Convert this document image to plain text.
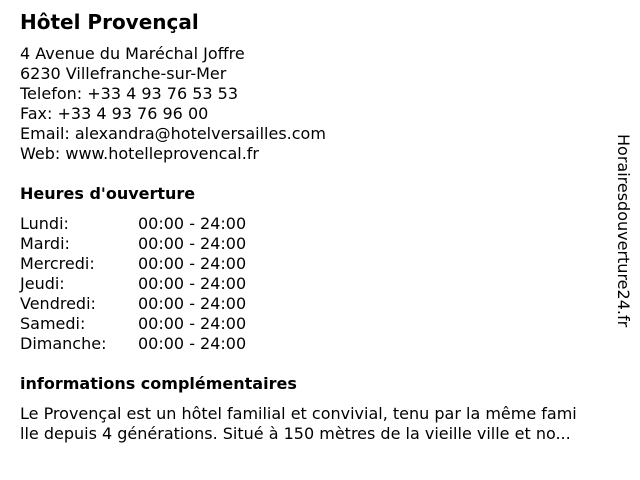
Hôtel Provençal
4 Avenue du Maréchal Joffre
6230 Villefranche-sur-Mer
Telefon: +33 4 93 76 53 53
Fax: +33 4 93 76 96 00
Email: alexandra@hotelversailles.com
Web: www.hotelleprovencal.fr
Heures d'ouverture
Lundi:	00:00 - 24:00
Mardi:	00:00 - 24:00
Mercredi:	00:00 - 24:00
Jeudi:	00:00 - 24:00
Vendredi:	00:00 - 24:00
Samedi:	00:00 - 24:00
Dimanche: 00:00 - 24:00
informations complémentaires
Le Provençal est un hôtel familial et convivial, tenu par la même fami
lle depuis 4 générations. Situé à 150 mètres de la vieille ville et no...
Horairesdouverture24.fr
